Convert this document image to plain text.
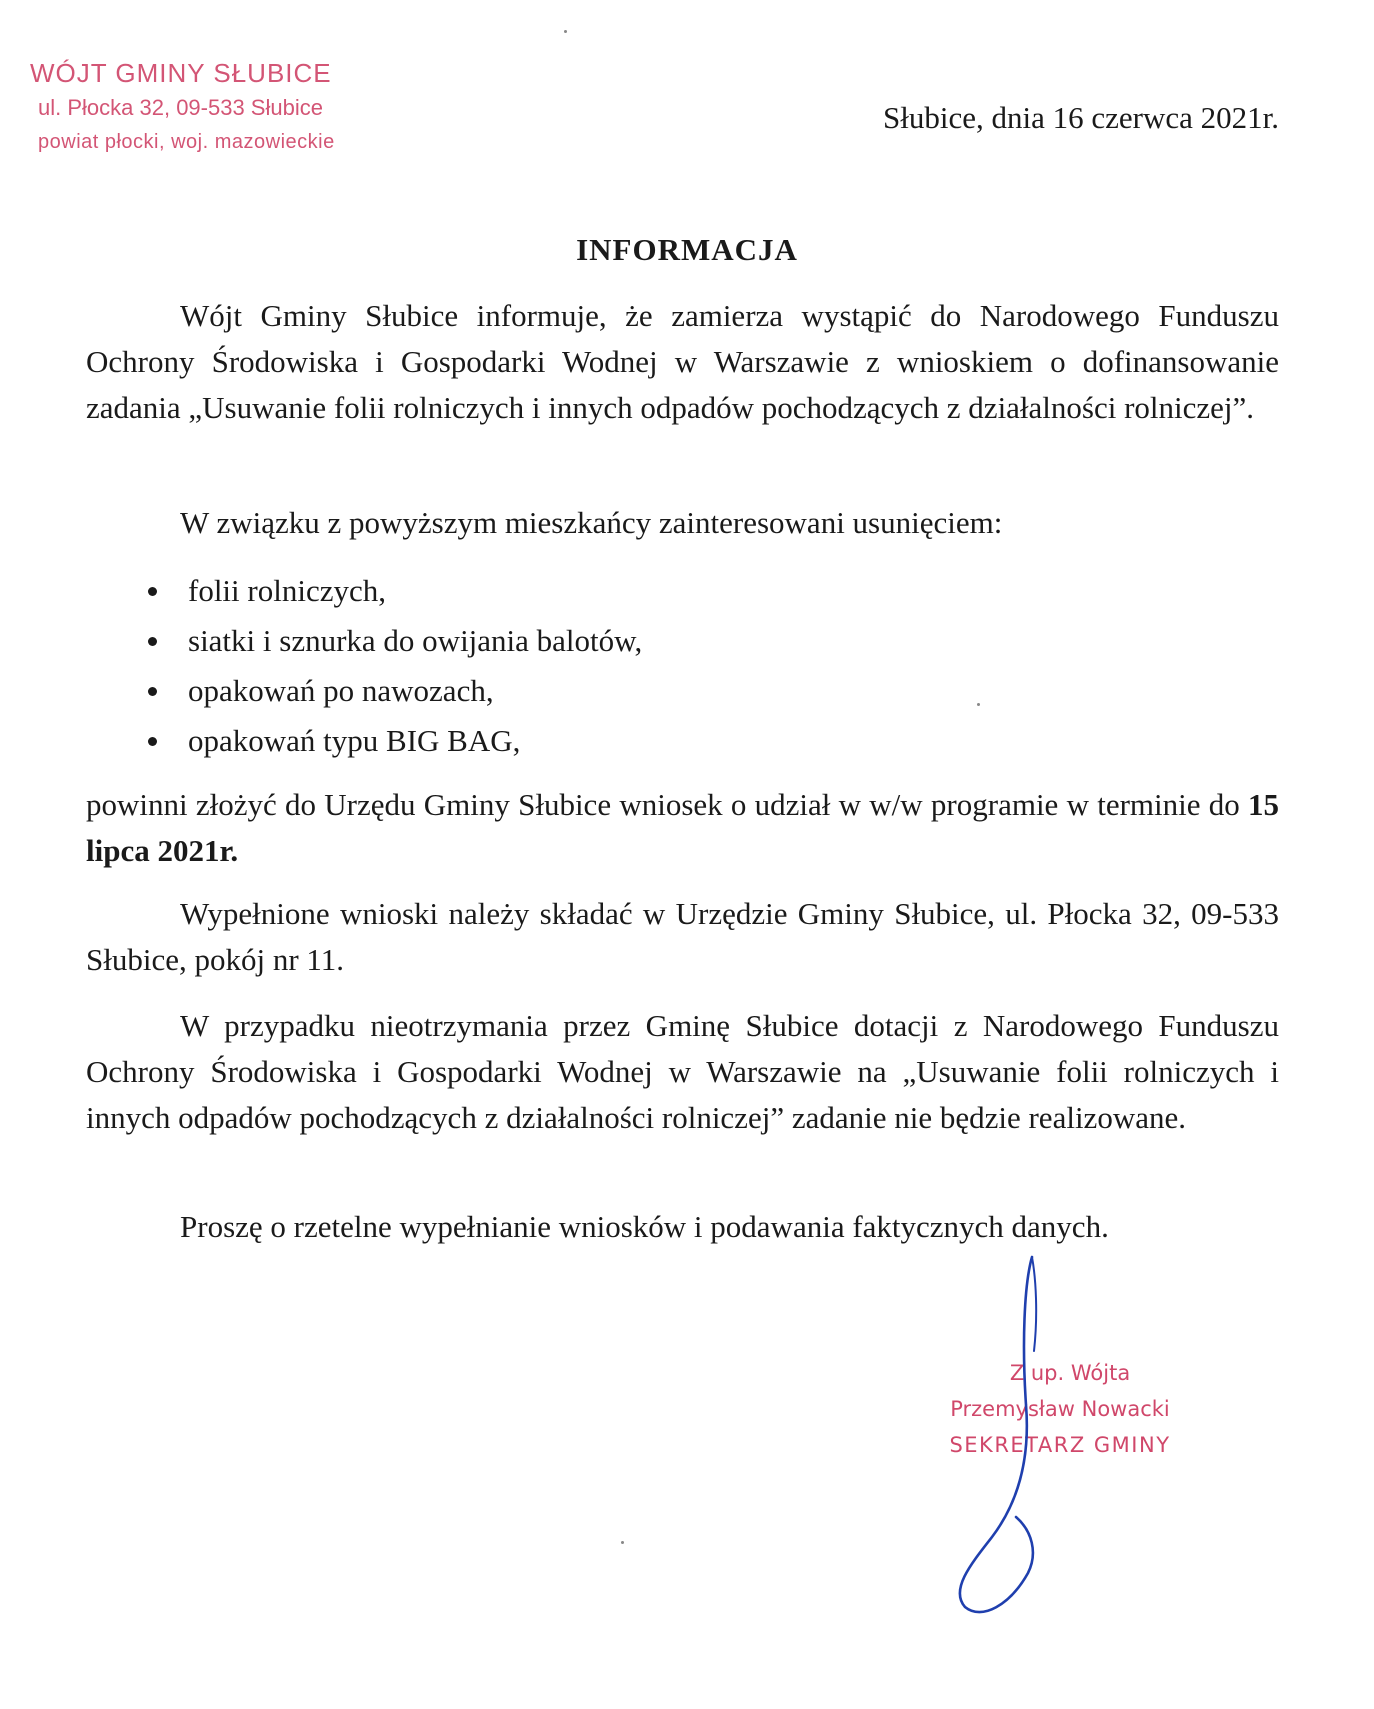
WÓJT GMINY SŁUBICE
ul. Płocka 32, 09-533 Słubice
powiat płocki, woj. mazowieckie
Słubice, dnia 16 czerwca 2021r.
INFORMACJA
Wójt Gminy Słubice informuje, że zamierza wystąpić do Narodowego Funduszu Ochrony Środowiska i Gospodarki Wodnej w Warszawie z wnioskiem o dofinansowanie zadania „Usuwanie folii rolniczych i innych odpadów pochodzących z działalności rolniczej”.
W związku z powyższym mieszkańcy zainteresowani usunięciem:
folii rolniczych,
siatki i sznurka do owijania balotów,
opakowań po nawozach,
opakowań typu BIG BAG,
powinni złożyć do Urzędu Gminy Słubice wniosek o udział w w/w programie w terminie do 15 lipca 2021r.
Wypełnione wnioski należy składać w Urzędzie Gminy Słubice, ul. Płocka 32, 09-533 Słubice, pokój nr 11.
W przypadku nieotrzymania przez Gminę Słubice dotacji z Narodowego Funduszu Ochrony Środowiska i Gospodarki Wodnej w Warszawie na „Usuwanie folii rolniczych i innych odpadów pochodzących z działalności rolniczej” zadanie nie będzie realizowane.
Proszę o rzetelne wypełnianie wniosków i podawania faktycznych danych.
Z up. Wójta
Przemysław Nowacki
SEKRETARZ GMINY
